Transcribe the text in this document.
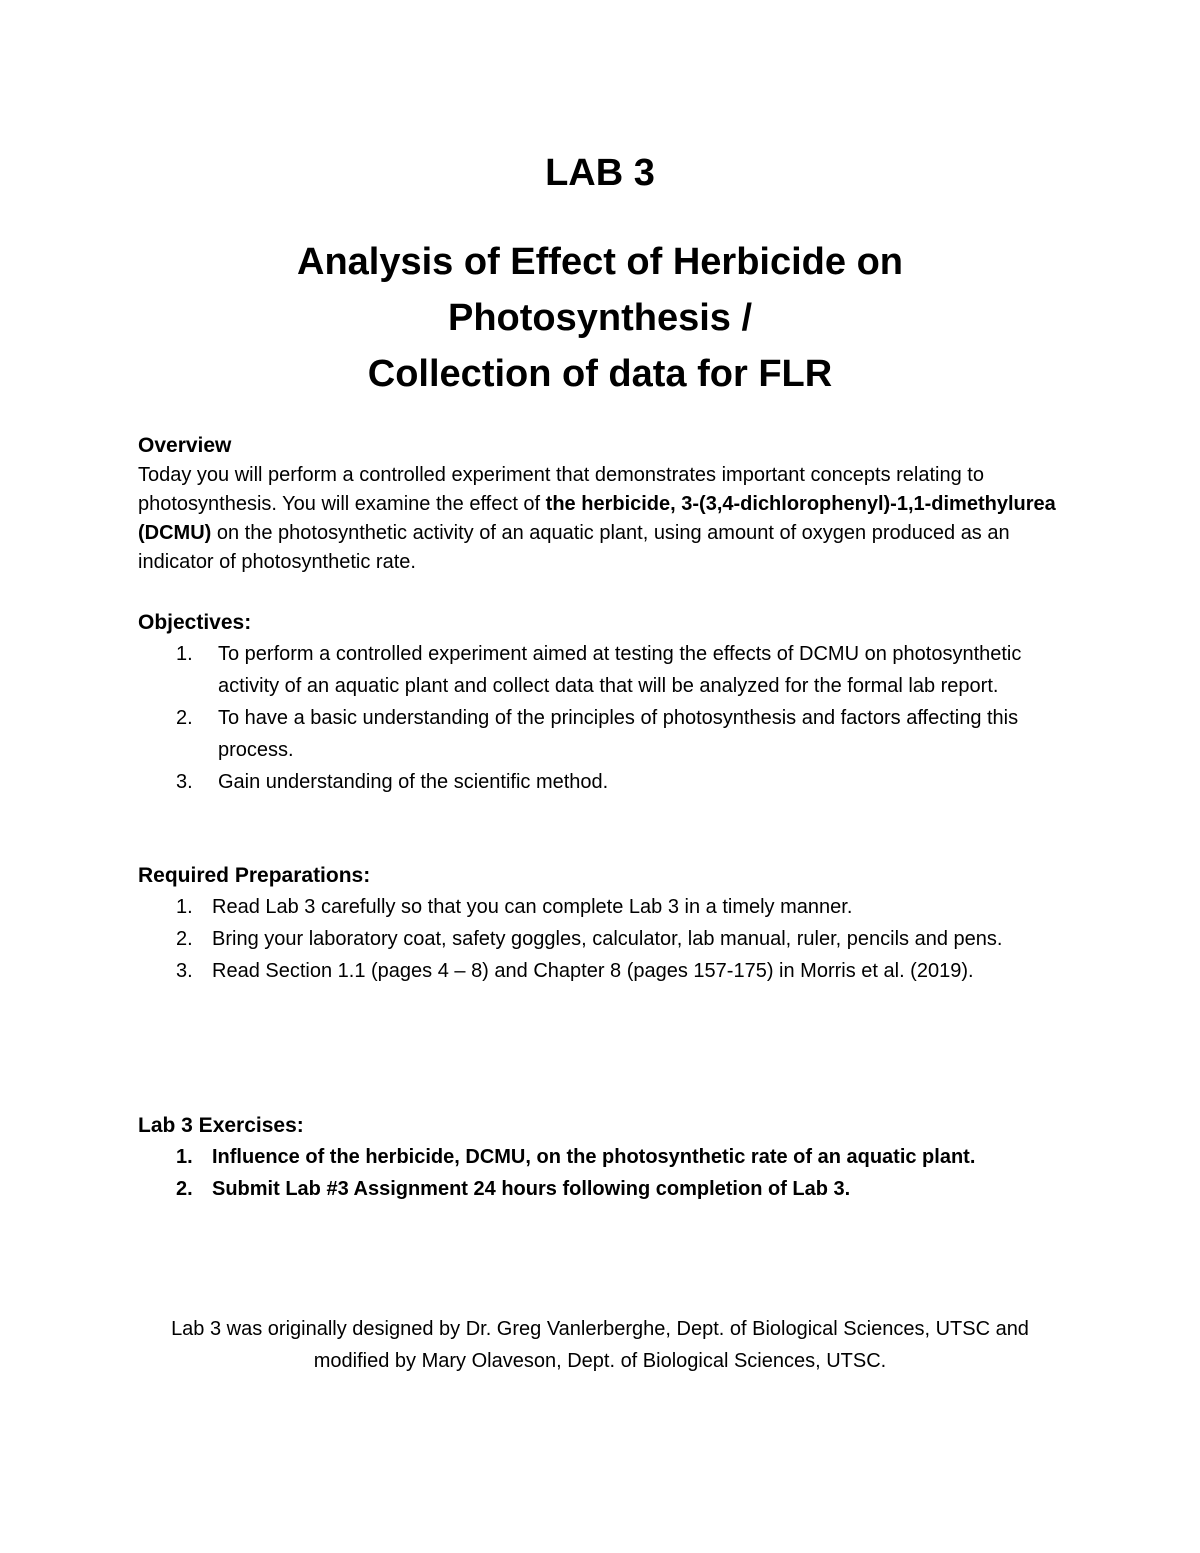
LAB 3
Analysis of Effect of Herbicide on
Photosynthesis /
Collection of data for FLR
Overview
Today you will perform a controlled experiment that demonstrates important concepts relating to photosynthesis. You will examine the effect of the herbicide, 3-(3,4-dichlorophenyl)-1,1-dimethylurea (DCMU) on the photosynthetic activity of an aquatic plant, using amount of oxygen produced as an indicator of photosynthetic rate.
Objectives:
1. To perform a controlled experiment aimed at testing the effects of DCMU on photosynthetic activity of an aquatic plant and collect data that will be analyzed for the formal lab report.
2. To have a basic understanding of the principles of photosynthesis and factors affecting this process.
3. Gain understanding of the scientific method.
Required Preparations:
1. Read Lab 3 carefully so that you can complete Lab 3 in a timely manner.
2. Bring your laboratory coat, safety goggles, calculator, lab manual, ruler, pencils and pens.
3. Read Section 1.1 (pages 4 – 8) and Chapter 8 (pages 157-175) in Morris et al. (2019).
Lab 3 Exercises:
1. Influence of the herbicide, DCMU, on the photosynthetic rate of an aquatic plant.
2. Submit Lab #3 Assignment 24 hours following completion of Lab 3.
Lab 3 was originally designed by Dr. Greg Vanlerberghe, Dept. of Biological Sciences, UTSC and
modified by Mary Olaveson, Dept. of Biological Sciences, UTSC.
